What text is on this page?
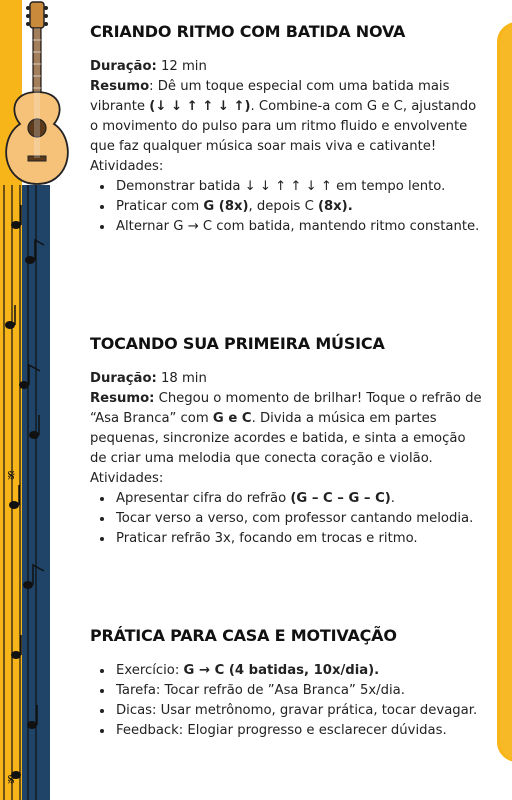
𝄋
𝄋
CRIANDO RITMO COM BATIDA NOVA

Duração: 12 min

Resumo: Dê um toque especial com uma batida mais vibrante (↓ ↓ ↑ ↑ ↓ ↑). Combine-a com G e C, ajustando o movimento do pulso para um ritmo fluido e envolvente que faz qualquer música soar mais viva e cativante!

Atividades:

• Demonstrar batida ↓ ↓ ↑ ↑ ↓ ↑ em tempo lento.
• Praticar com G (8x), depois C (8x).
• Alternar G → C com batida, mantendo ritmo constante.
TOCANDO SUA PRIMEIRA MÚSICA

Duração: 18 min

Resumo: Chegou o momento de brilhar! Toque o refrão de “Asa Branca” com G e C. Divida a música em partes pequenas, sincronize acordes e batida, e sinta a emoção de criar uma melodia que conecta coração e violão.

Atividades:

• Apresentar cifra do refrão (G – C – G – C).
• Tocar verso a verso, com professor cantando melodia.
• Praticar refrão 3x, focando em trocas e ritmo.
PRÁTICA PARA CASA E MOTIVAÇÃO
• Exercício: G → C (4 batidas, 10x/dia).
• Tarefa: Tocar refrão de ”Asa Branca” 5x/dia.
• Dicas: Usar metrônomo, gravar prática, tocar devagar.
• Feedback: Elogiar progresso e esclarecer dúvidas.
